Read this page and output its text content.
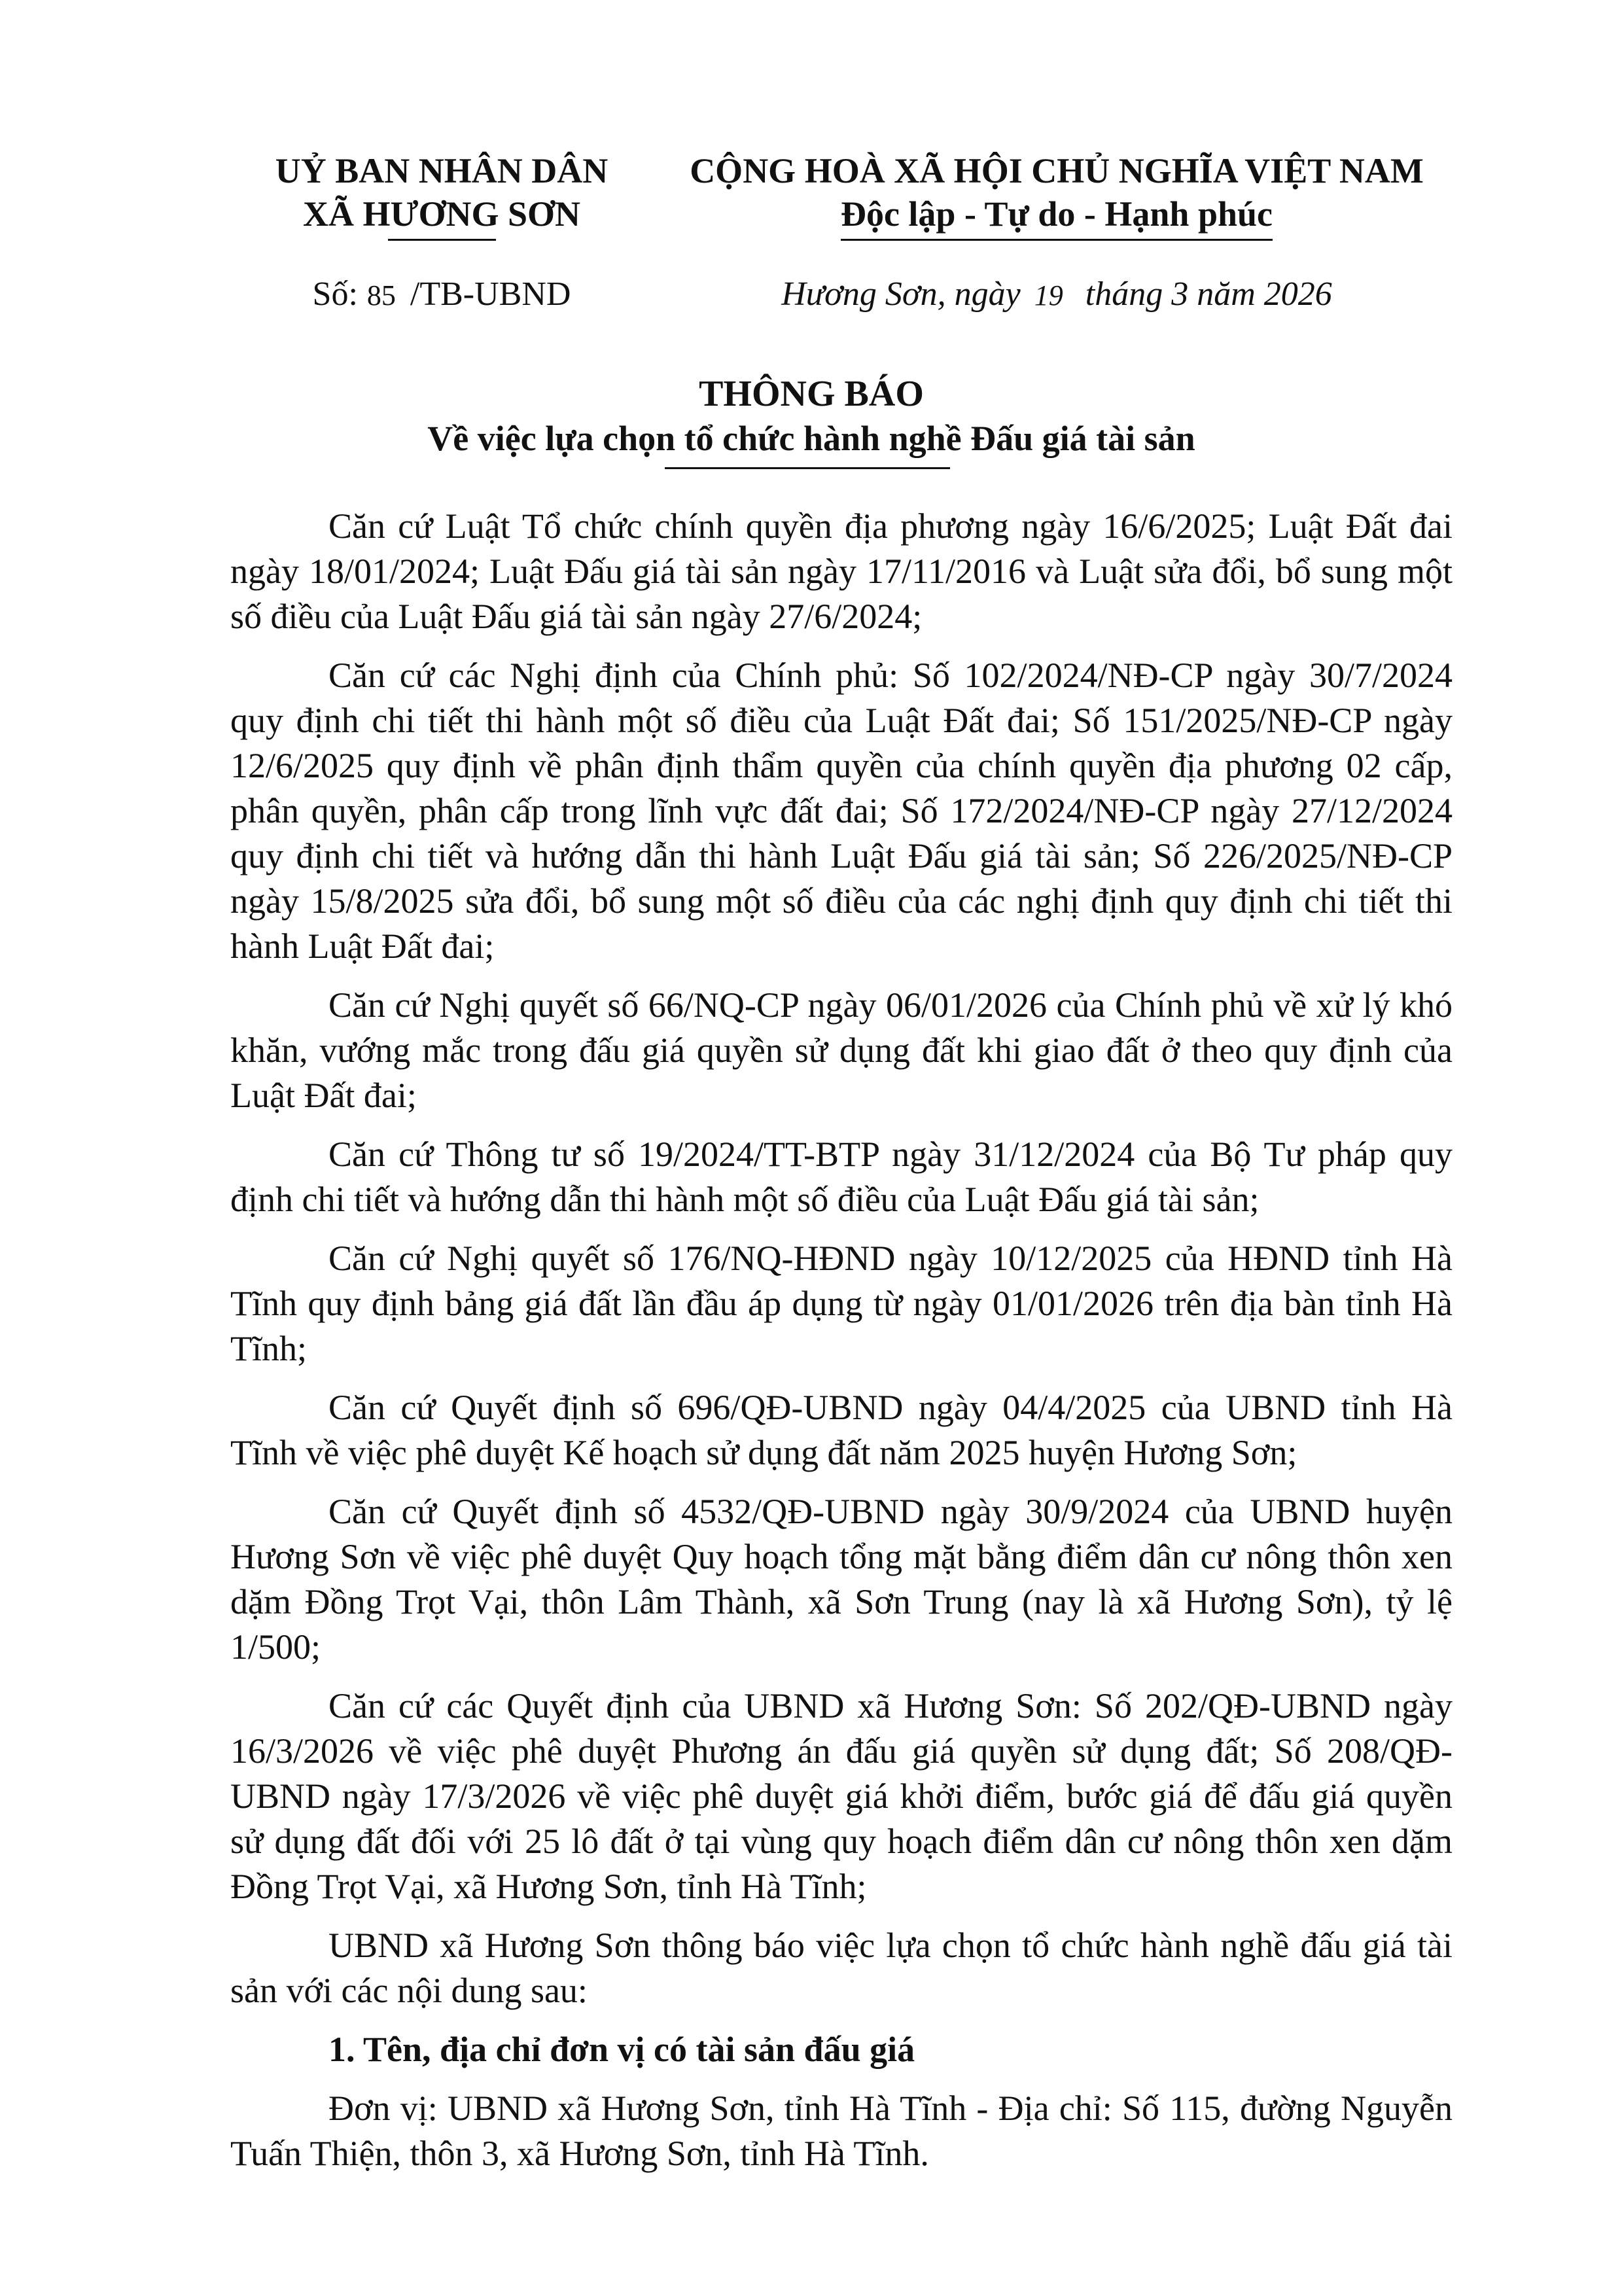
UỶ BAN NHÂN DÂN
XÃ HƯƠNG SƠN
CỘNG HOÀ XÃ HỘI CHỦ NGHĨA VIỆT NAM
Độc lập - Tự do - Hạnh phúc
Số: 85 /TB-UBND	Hương Sơn, ngày 19 tháng 3 năm 2026
THÔNG BÁO
Về việc lựa chọn tổ chức hành nghề Đấu giá tài sản

Căn cứ Luật Tổ chức chính quyền địa phương ngày 16/6/2025; Luật Đất đai ngày 18/01/2024; Luật Đấu giá tài sản ngày 17/11/2016 và Luật sửa đổi, bổ sung một số điều của Luật Đấu giá tài sản ngày 27/6/2024;

Căn cứ các Nghị định của Chính phủ: Số 102/2024/NĐ-CP ngày 30/7/2024 quy định chi tiết thi hành một số điều của Luật Đất đai; Số 151/2025/NĐ-CP ngày 12/6/2025 quy định về phân định thẩm quyền của chính quyền địa phương 02 cấp, phân quyền, phân cấp trong lĩnh vực đất đai; Số 172/2024/NĐ-CP ngày 27/12/2024 quy định chi tiết và hướng dẫn thi hành Luật Đấu giá tài sản; Số 226/2025/NĐ-CP ngày 15/8/2025 sửa đổi, bổ sung một số điều của các nghị định quy định chi tiết thi hành Luật Đất đai;

Căn cứ Nghị quyết số 66/NQ-CP ngày 06/01/2026 của Chính phủ về xử lý khó khăn, vướng mắc trong đấu giá quyền sử dụng đất khi giao đất ở theo quy định của Luật Đất đai;

Căn cứ Thông tư số 19/2024/TT-BTP ngày 31/12/2024 của Bộ Tư pháp quy định chi tiết và hướng dẫn thi hành một số điều của Luật Đấu giá tài sản;

Căn cứ Nghị quyết số 176/NQ-HĐND ngày 10/12/2025 của HĐND tỉnh Hà Tĩnh quy định bảng giá đất lần đầu áp dụng từ ngày 01/01/2026 trên địa bàn tỉnh Hà Tĩnh;

Căn cứ Quyết định số 696/QĐ-UBND ngày 04/4/2025 của UBND tỉnh Hà Tĩnh về việc phê duyệt Kế hoạch sử dụng đất năm 2025 huyện Hương Sơn;

Căn cứ Quyết định số 4532/QĐ-UBND ngày 30/9/2024 của UBND huyện Hương Sơn về việc phê duyệt Quy hoạch tổng mặt bằng điểm dân cư nông thôn xen dặm Đồng Trọt Vại, thôn Lâm Thành, xã Sơn Trung (nay là xã Hương Sơn), tỷ lệ 1/500;

Căn cứ các Quyết định của UBND xã Hương Sơn: Số 202/QĐ-UBND ngày 16/3/2026 về việc phê duyệt Phương án đấu giá quyền sử dụng đất; Số 208/QĐ-UBND ngày 17/3/2026 về việc phê duyệt giá khởi điểm, bước giá để đấu giá quyền sử dụng đất đối với 25 lô đất ở tại vùng quy hoạch điểm dân cư nông thôn xen dặm Đồng Trọt Vại, xã Hương Sơn, tỉnh Hà Tĩnh;

UBND xã Hương Sơn thông báo việc lựa chọn tổ chức hành nghề đấu giá tài sản với các nội dung sau:

1. Tên, địa chỉ đơn vị có tài sản đấu giá

Đơn vị: UBND xã Hương Sơn, tỉnh Hà Tĩnh - Địa chỉ: Số 115, đường Nguyễn Tuấn Thiện, thôn 3, xã Hương Sơn, tỉnh Hà Tĩnh.
